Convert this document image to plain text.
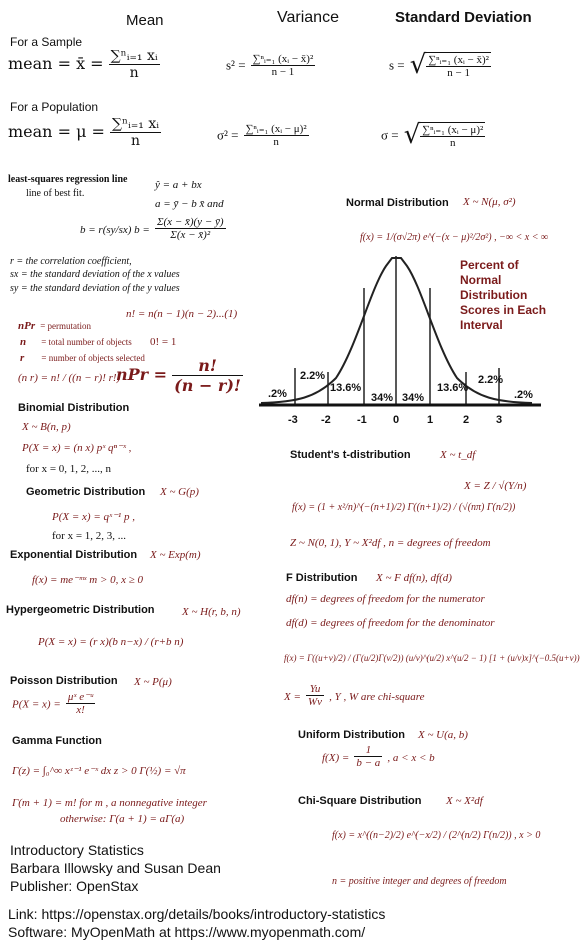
Mean	Variance	Standard Deviation
For a Sample
mean = x̄ = $\frac{\text{∑ⁿᵢ₌₁ xᵢ}}{n}$	$s^2 = \frac{\text{∑ⁿᵢ₌₁ (xᵢ − x̄)²}}{n - 1}$	s = √ $\frac{\text{∑ⁿᵢ₌₁ (xᵢ − x̄)²}}{n - 1}$
For a Population
mean = $\mu = \frac{\text{∑ⁿᵢ₌₁ xᵢ}}{n}$	$\sigma^2 = \frac{\text{∑ⁿᵢ₌₁ (xᵢ − μ)²}}{n}$	σ = √ $\frac{\text{∑ⁿᵢ₌₁ (xᵢ − μ)²}}{n}$
least-squares regression line
line of best fit.
ŷ = a + bx
a = ȳ − b x̄ and
b = r(sy/sx) $b = \frac{\Sigma(x - x̄)(y - ȳ)}{\text{Σ(x − x̄)²}}$
r = the correlation coefficient,
sx = the standard deviation of the x values
sy = the standard deviation of the y values
nPr = permutation
n = total number of objects
r = number of objects selected
n! = n(n − 1)(n − 2)...(1)
0! = 1
(n r) = n! / ((n − r)! r!)
nPr = $\frac{n!}{(n - r)!}$
Normal Distribution X ~ N(μ, σ²)
f(x) = 1/(σ√2π) e^(−(x − μ)²/2σ²) , −∞ < x < ∞
Percent of Normal Distribution Scores in Each Interval
.2%
2.2%
13.6%
34% 34%
13.6%
2.2%
.2%
-3 -2 -1 0	1	2 3
Binomial Distribution
X ~ B(n, p)
P(X = x) = (n x) pˣ qⁿ⁻ˣ ,
for x = 0, 1, 2, ..., n
Geometric Distribution X ~ G(p)
P(X = x) = qˣ⁻¹ p ,
for x = 1, 2, 3, ...
Exponential Distribution X ~ Exp(m)
f(x) = me⁻ᵐˣ m > 0, x ≥ 0
Hypergeometric Distribution X ~ H(r, b, n)
P(X = x) = (r x)(b n−x) / (r+b n)
Poisson Distribution X ~ P(μ)
$P(X = x) = \frac{\text{μˣ e⁻ᵘ}}{x!}$
Gamma Function
Γ(z) = ∫₀^∞ xᶻ⁻¹ e⁻ˣ dx z > 0 Γ(½) = √π
Γ(m + 1) = m! for m , a nonnegative integer
otherwise: Γ(a + 1) = aΓ(a)
Student's t-distribution	X ~ t_df
f(x) = (1 + x²/n)^(−(n+1)/2) Γ((n+1)/2) / (√(nπ) Γ(n/2))
X = Z / √(Y/n)
Z ~ N(0, 1), Y ~ X²df , n = degrees of freedom
F Distribution X ~ F df(n), df(d)
df(n) = degrees of freedom for the numerator
df(d) = degrees of freedom for the denominator
f(x) = Γ((u+v)/2) / (Γ(u/2)Γ(v/2)) (u/v)^(u/2) x^(u/2 − 1) [1 + (u/v)x]^(−0.5(u+v))
$X = \frac{Yu}{Wv}$ , Y , W are chi-square
Uniform Distribution X ~ U(a, b)
$f(X) = \frac{1}{b - a}$ , a < x < b
Chi-Square Distribution X ~ X²df
f(x) = x^((n−2)/2) e^(−x/2) / (2^(n/2) Γ(n/2)) , x > 0
n = positive integer and degrees of freedom
Introductory Statistics
Barbara Illowsky and Susan Dean
Publisher: OpenStax
Link: https://openstax.org/details/books/introductory-statistics
Software: MyOpenMath at https://www.myopenmath.com/
